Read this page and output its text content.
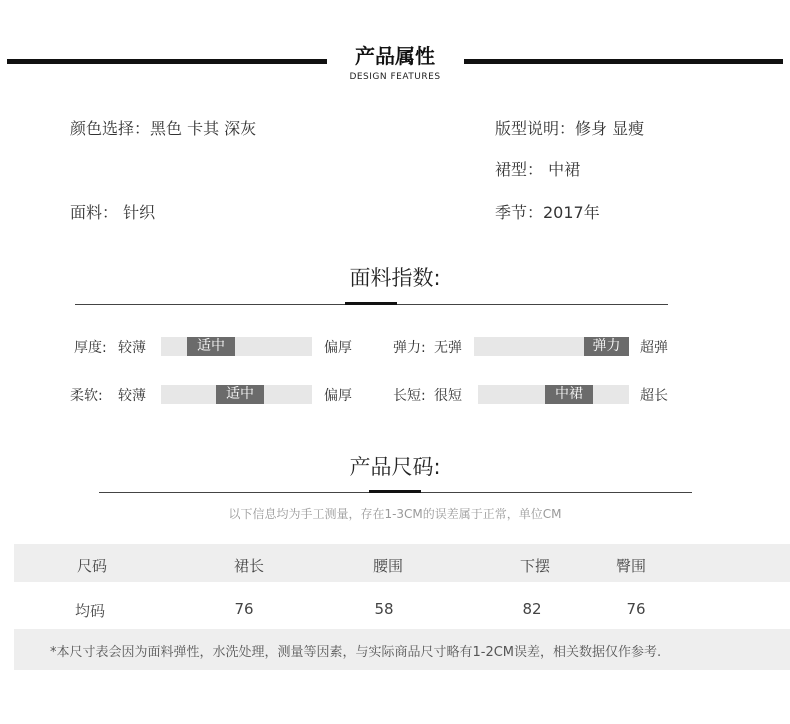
产品属性
DESIGN FEATURES
颜色选择：黑色 卡其 深灰	版型说明：修身 显瘦
裙型： 中裙
面料： 针织	季节：2017年
面料指数:
厚度: 较薄	适中	偏厚	弹力: 无弹	弹力	超弹
柔软: 较薄	适中	偏厚	长短: 很短	中裙	超长
产品尺码:
以下信息均为手工测量，存在1-3CM的误差属于正常，单位CM
尺码	裙长	腰围	下摆	臀围
均码	76	58	82	76
*本尺寸表会因为面料弹性，水洗处理，测量等因素，与实际商品尺寸略有1-2CM误差，相关数据仅作参考.
